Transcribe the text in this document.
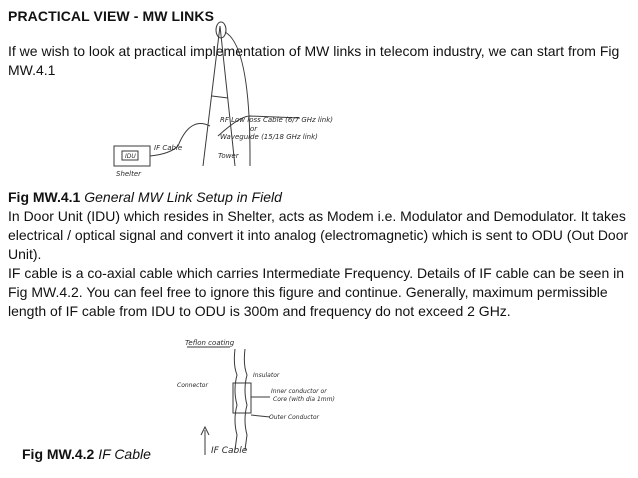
PRACTICAL VIEW - MW LINKS
IDU
IF Cable
Tower
Shelter
RF Low loss Cable (6/7 GHz link)
or
Waveguide (15/18 GHz link)
If we wish to look at practical implementation of MW links in telecom industry, we can start from Fig MW.4.1

Fig MW.4.1 General MW Link Setup in Field

In Door Unit (IDU) which resides in Shelter, acts as Modem i.e. Modulator and Demodulator. It takes electrical / optical signal and convert it into analog (electromagnetic) which is sent to ODU (Out Door Unit).

IF cable is a co-axial cable which carries Intermediate Frequency. Details of IF cable can be seen in Fig MW.4.2. You can feel free to ignore this figure and continue. Generally, maximum permissible length of IF cable from IDU to ODU is 300m and frequency do not exceed 2 GHz.

Teflon coating
Insulator
Connector
Inner conductor or
Core (with dia 1mm)
Outer Conductor
IF Cable
Fig MW.4.2 IF Cable
